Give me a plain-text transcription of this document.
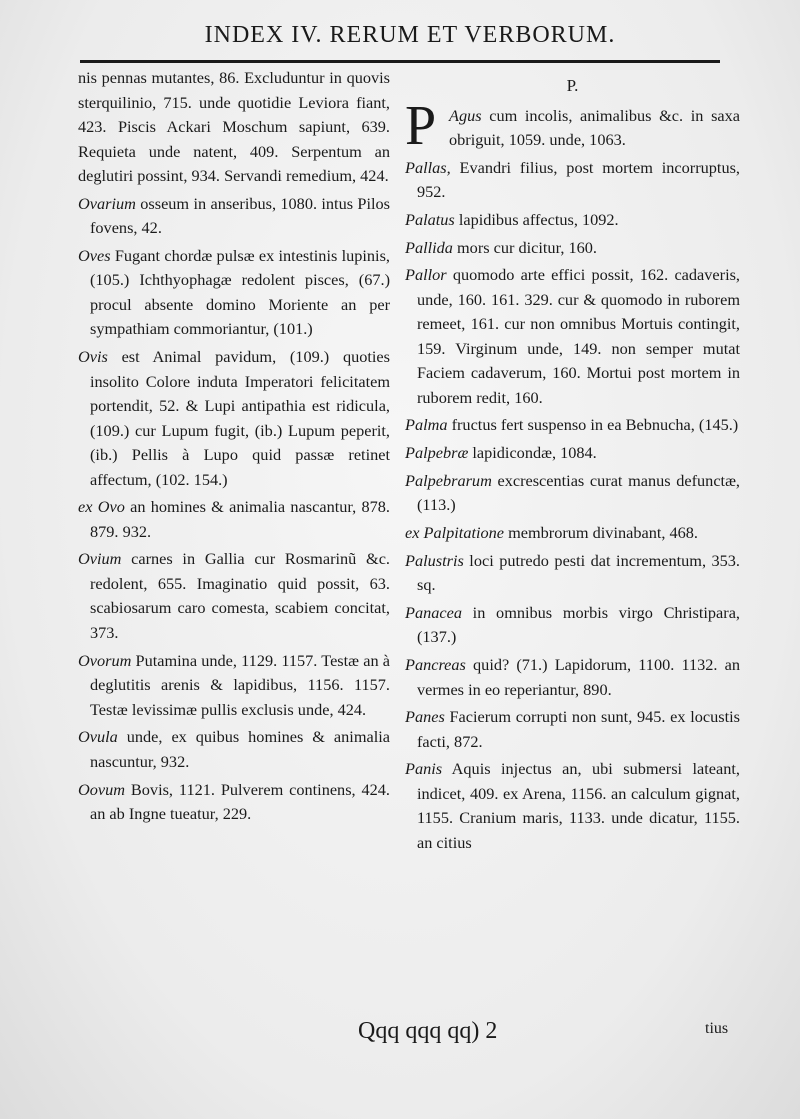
INDEX IV. RERUM ET VERBORUM.

nis pennas mutantes, 86. Excluduntur in quovis sterquilinio, 715. unde quotidie Leviora fiant, 423. Piscis Ackari Moschum sapiunt, 639. Requieta unde natent, 409. Serpentum an deglutiri possint, 934. Servandi remedium, 424.

Ovarium osseum in anseribus, 1080. intus Pilos fovens, 42.

Oves Fugant chordæ pulsæ ex intestinis lupinis, (105.) Ichthyophagæ redolent pisces, (67.) procul absente domino Moriente an per sympathiam commoriantur, (101.)

Ovis est Animal pavidum, (109.) quoties insolito Colore induta Imperatori felicitatem portendit, 52. & Lupi antipathia est ridicula, (109.) cur Lupum fugit, (ib.) Lupum peperit, (ib.) Pellis à Lupo quid passæ retinet affectum, (102. 154.)

ex Ovo an homines & animalia nascantur, 878. 879. 932.

Ovium carnes in Gallia cur Rosmarinũ &c. redolent, 655. Imaginatio quid possit, 63. scabiosarum caro comesta, scabiem concitat, 373.

Ovorum Putamina unde, 1129. 1157. Testæ an à deglutitis arenis & lapidibus, 1156. 1157. Testæ levissimæ pullis exclusis unde, 424.

Ovula unde, ex quibus homines & animalia nascuntur, 932.

Oovum Bovis, 1121. Pulverem continens, 424. an ab Ingne tueatur, 229.

P.

P Agus cum incolis, animalibus &c. in saxa obriguit, 1059. unde, 1063.

Pallas, Evandri filius, post mortem incorruptus, 952.

Palatus lapidibus affectus, 1092.

Pallida mors cur dicitur, 160.

Pallor quomodo arte effici possit, 162. cadaveris, unde, 160. 161. 329. cur & quomodo in ruborem remeet, 161. cur non omnibus Mortuis contingit, 159. Virginum unde, 149. non semper mutat Faciem cadaverum, 160. Mortui post mortem in ruborem redit, 160.

Palma fructus fert suspenso in ea Bebnucha, (145.)

Palpebræ lapidicondæ, 1084.

Palpebrarum excrescentias curat manus defunctæ, (113.)

ex Palpitatione membrorum divinabant, 468.

Palustris loci putredo pesti dat incrementum, 353. sq.

Panacea in omnibus morbis virgo Christipara, (137.)

Pancreas quid? (71.) Lapidorum, 1100. 1132. an vermes in eo reperiantur, 890.

Panes Facierum corrupti non sunt, 945. ex locustis facti, 872.

Panis Aquis injectus an, ubi submersi lateant, indicet, 409. ex Arena, 1156. an calculum gignat, 1155. Cranium maris, 1133. unde dicatur, 1155. an citius

Qqq qqq qq) 2	tius
